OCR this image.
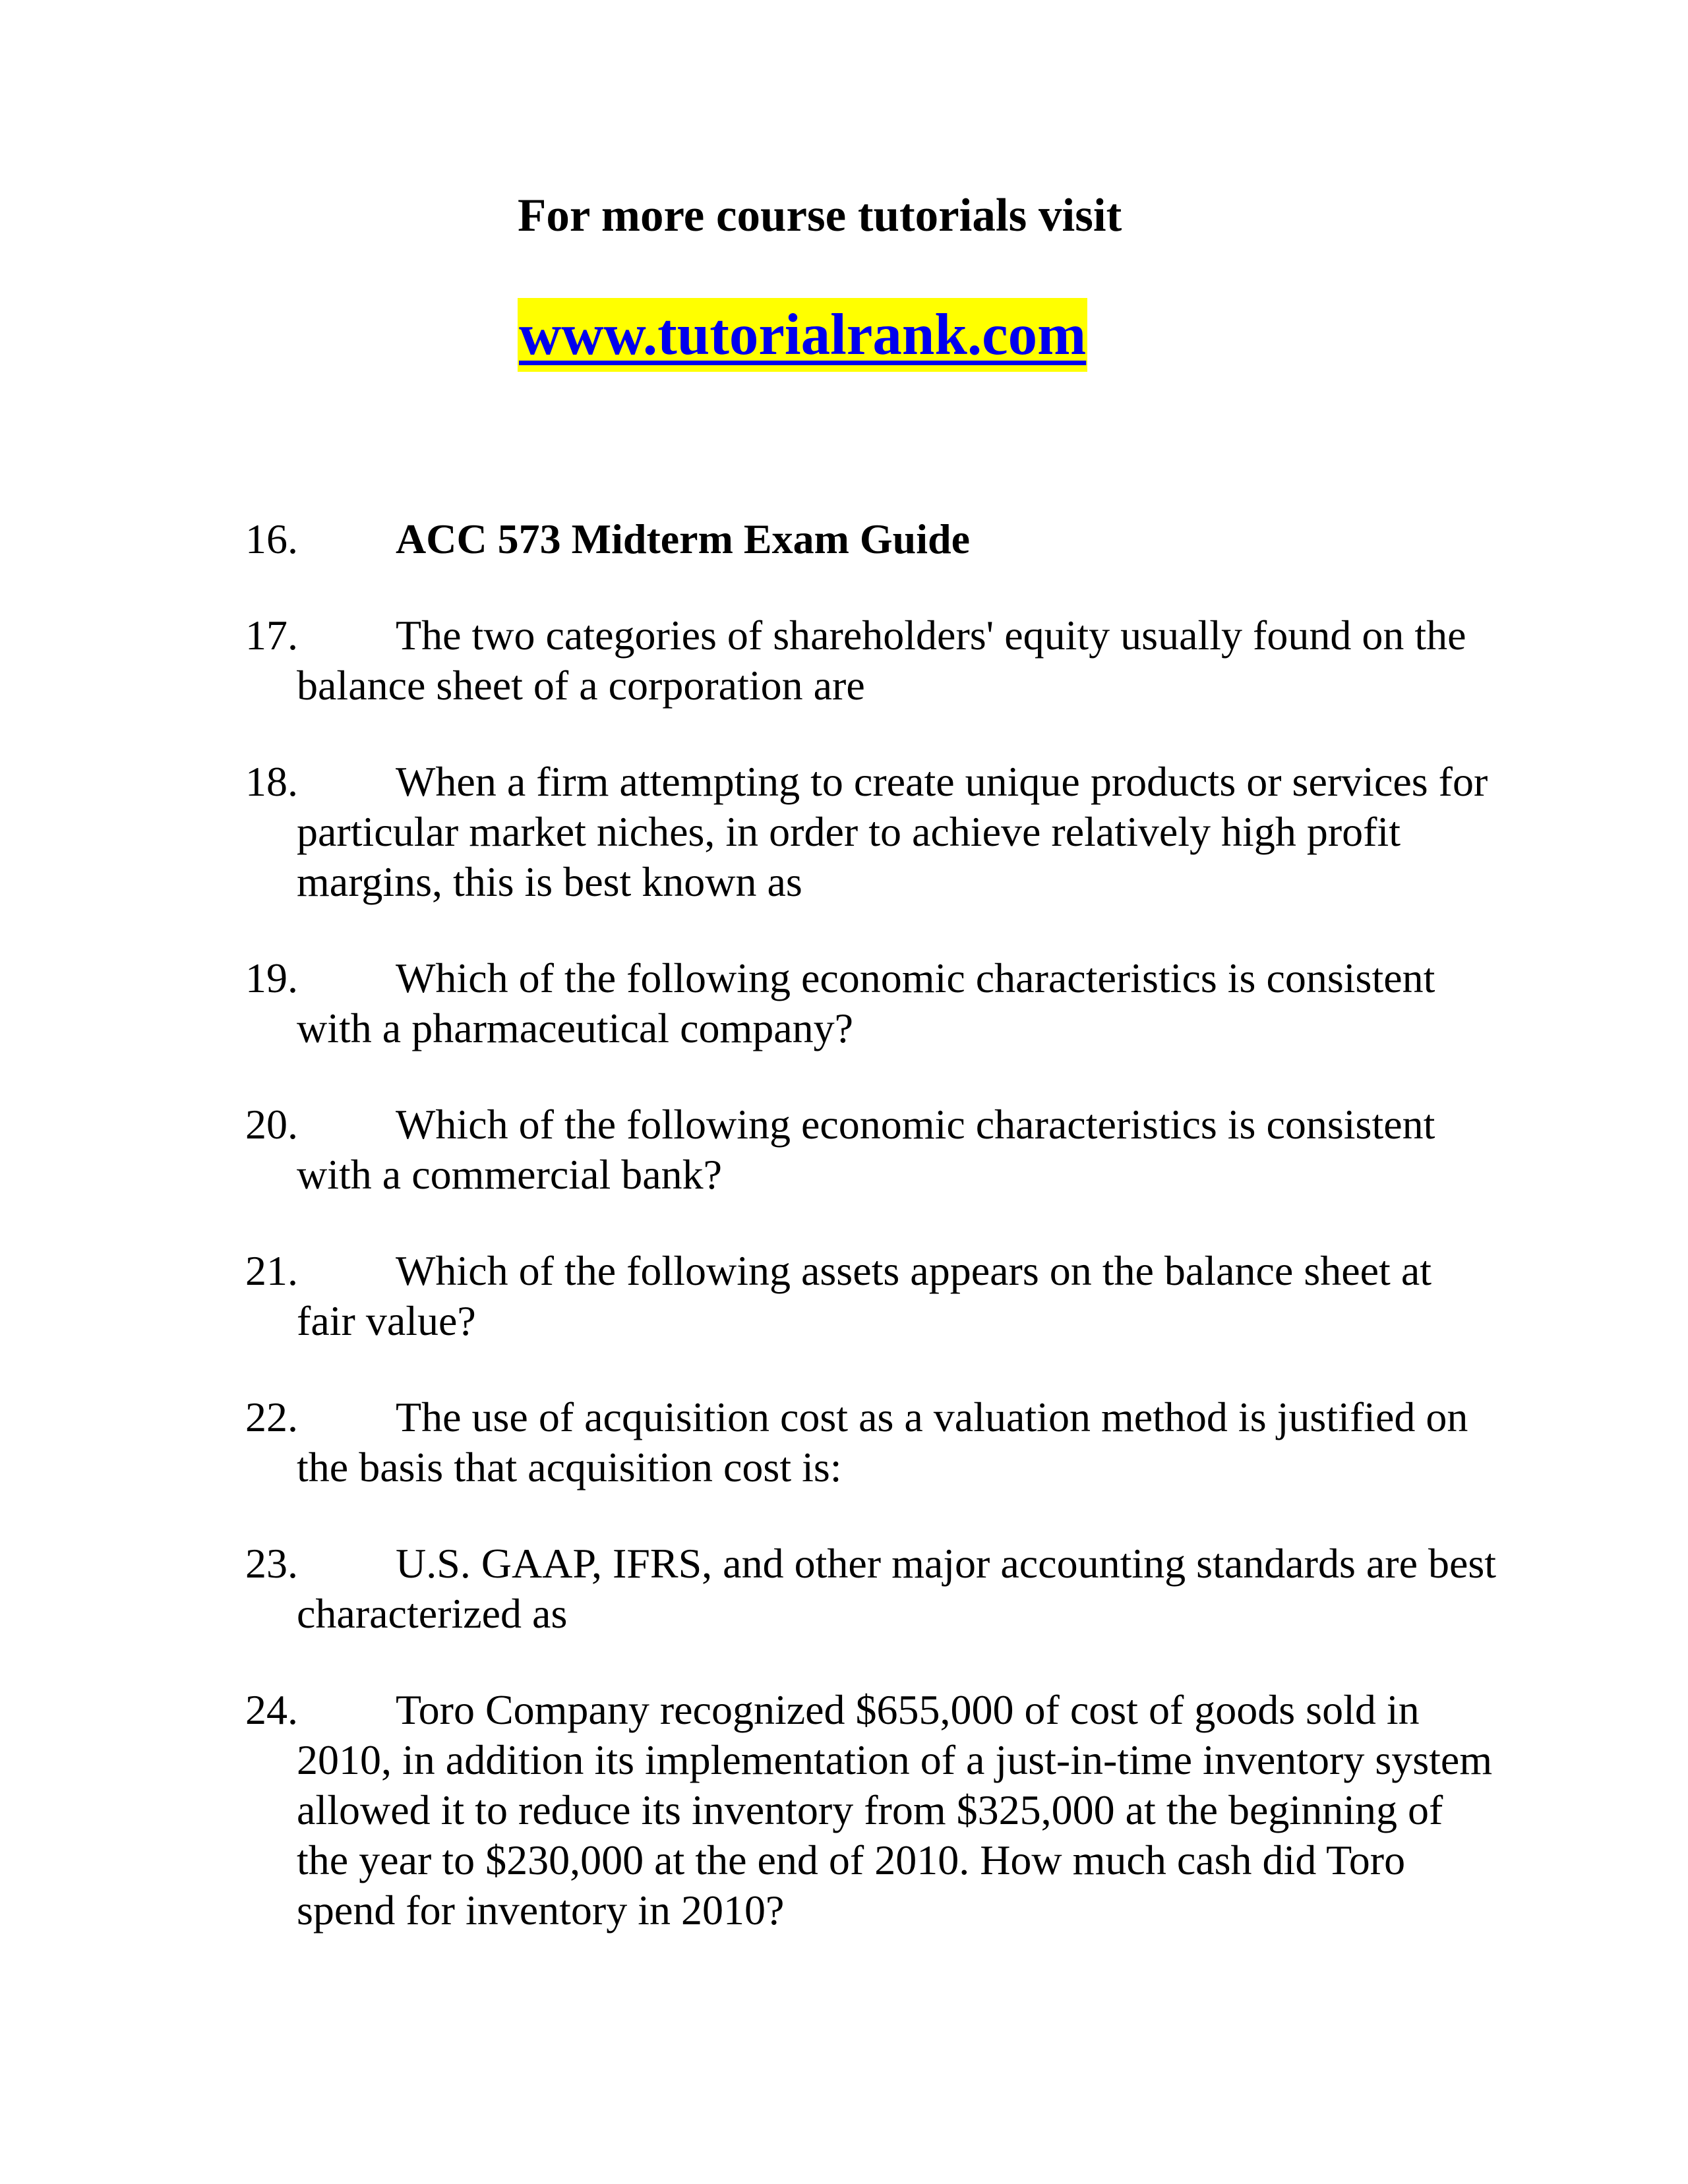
For more course tutorials visit
www.tutorialrank.com
16.	ACC 573 Midterm Exam Guide
17.	The two categories of shareholders' equity usually found on the balance sheet of a corporation are
18.	When a firm attempting to create unique products or services for particular market niches, in order to achieve relatively high profit margins, this is best known as
19.	Which of the following economic characteristics is consistent with a pharmaceutical company?
20.	Which of the following economic characteristics is consistent with a commercial bank?
21.	Which of the following assets appears on the balance sheet at fair value?
22.	The use of acquisition cost as a valuation method is justified on the basis that acquisition cost is:
23.	U.S. GAAP, IFRS, and other major accounting standards are best characterized as
24.	Toro Company recognized $655,000 of cost of goods sold in 2010, in addition its implementation of a just-in-time inventory system allowed it to reduce its inventory from $325,000 at the beginning of the year to $230,000 at the end of 2010. How much cash did Toro spend for inventory in 2010?
